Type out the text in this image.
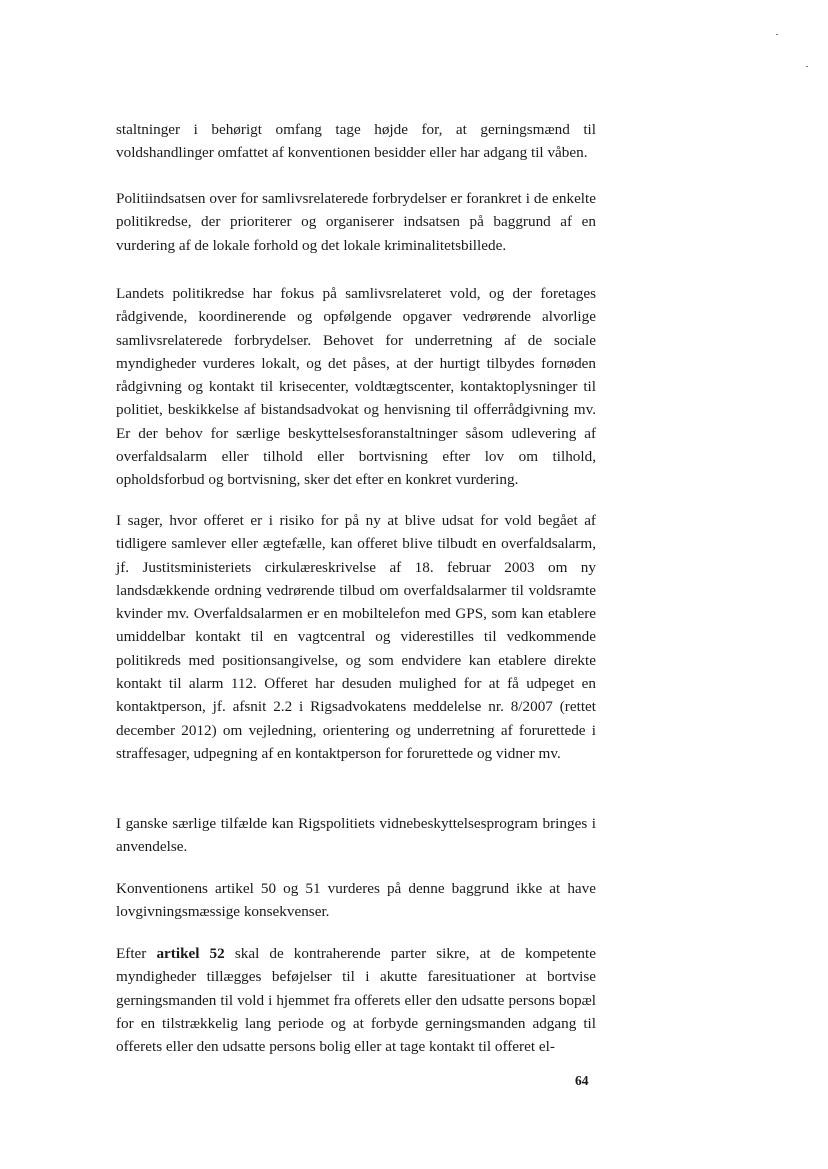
staltninger i behørigt omfang tage højde for, at gerningsmænd til voldshandlinger omfattet af konventionen besidder eller har adgang til våben.

Politiindsatsen over for samlivsrelaterede forbrydelser er forankret i de enkelte politikredse, der prioriterer og organiserer indsatsen på baggrund af en vurdering af de lokale forhold og det lokale kriminalitetsbillede.

Landets politikredse har fokus på samlivsrelateret vold, og der foretages rådgivende, koordinerende og opfølgende opgaver vedrørende alvorlige samlivsrelaterede forbrydelser. Behovet for underretning af de sociale myndigheder vurderes lokalt, og det påses, at der hurtigt tilbydes fornøden rådgivning og kontakt til krisecenter, voldtægtscenter, kontaktoplysninger til politiet, beskikkelse af bistandsadvokat og henvisning til offerrådgivning mv. Er der behov for særlige beskyttelsesforanstaltninger såsom udlevering af overfaldsalarm eller tilhold eller bortvisning efter lov om tilhold, opholdsforbud og bortvisning, sker det efter en konkret vurdering.

I sager, hvor offeret er i risiko for på ny at blive udsat for vold begået af tidligere samlever eller ægtefælle, kan offeret blive tilbudt en overfaldsalarm, jf. Justitsministeriets cirkulæreskrivelse af 18. februar 2003 om ny landsdækkende ordning vedrørende tilbud om overfaldsalarmer til voldsramte kvinder mv. Overfaldsalarmen er en mobiltelefon med GPS, som kan etablere umiddelbar kontakt til en vagtcentral og viderestilles til vedkommende politikreds med positionsangivelse, og som endvidere kan etablere direkte kontakt til alarm 112. Offeret har desuden mulighed for at få udpeget en kontaktperson, jf. afsnit 2.2 i Rigsadvokatens meddelelse nr. 8/2007 (rettet december 2012) om vejledning, orientering og underretning af forurettede i straffesager, udpegning af en kontaktperson for forurettede og vidner mv.

I ganske særlige tilfælde kan Rigspolitiets vidnebeskyttelsesprogram bringes i anvendelse.

Konventionens artikel 50 og 51 vurderes på denne baggrund ikke at have lovgivningsmæssige konsekvenser.

Efter artikel 52 skal de kontraherende parter sikre, at de kompetente myndigheder tillægges beføjelser til i akutte faresituationer at bortvise gerningsmanden til vold i hjemmet fra offerets eller den udsatte persons bopæl for en tilstrækkelig lang periode og at forbyde gerningsmanden adgang til offerets eller den udsatte persons bolig eller at tage kontakt til offeret el-

64
